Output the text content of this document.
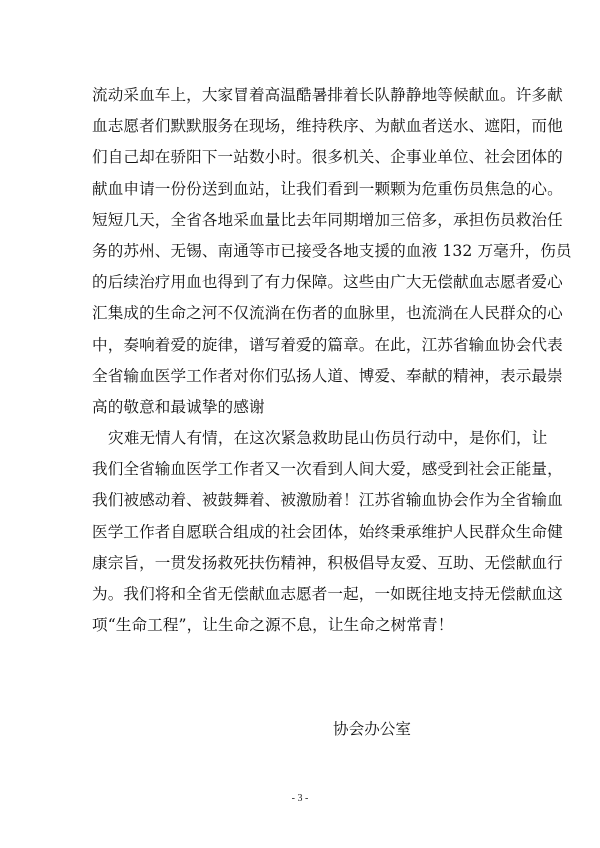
流动采血车上，大家冒着高温酷暑排着长队静静地等候献血。许多献
血志愿者们默默服务在现场，维持秩序、为献血者送水、遮阳，而他
们自己却在骄阳下一站数小时。很多机关、企事业单位、社会团体的
献血申请一份份送到血站，让我们看到一颗颗为危重伤员焦急的心。
短短几天，全省各地采血量比去年同期增加三倍多，承担伤员救治任
务的苏州、无锡、南通等市已接受各地支援的血液 132 万毫升，伤员
的后续治疗用血也得到了有力保障。这些由广大无偿献血志愿者爱心
汇集成的生命之河不仅流淌在伤者的血脉里，也流淌在人民群众的心
中，奏响着爱的旋律，谱写着爱的篇章。在此，江苏省输血协会代表
全省输血医学工作者对你们弘扬人道、博爱、奉献的精神，表示最崇
高的敬意和最诚挚的感谢
灾难无情人有情，在这次紧急救助昆山伤员行动中，是你们，让
我们全省输血医学工作者又一次看到人间大爱，感受到社会正能量，
我们被感动着、被鼓舞着、被激励着！江苏省输血协会作为全省输血
医学工作者自愿联合组成的社会团体，始终秉承维护人民群众生命健
康宗旨，一贯发扬救死扶伤精神，积极倡导友爱、互助、无偿献血行
为。我们将和全省无偿献血志愿者一起，一如既往地支持无偿献血这
项“生命工程”，让生命之源不息，让生命之树常青！
协会办公室
- 3 -
